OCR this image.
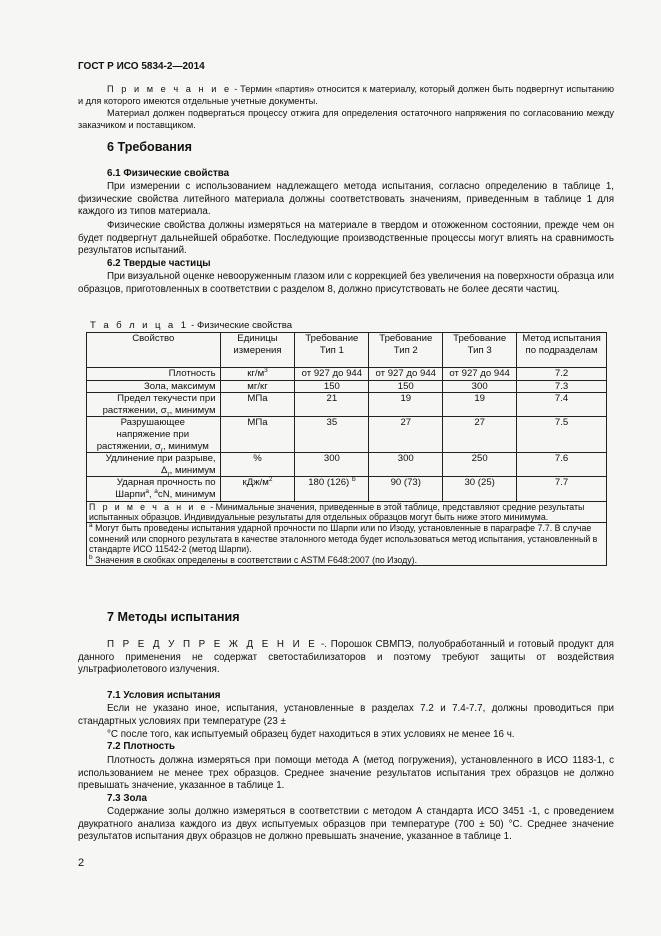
ГОСТ Р ИСО 5834-2—2014
П р и м е ч а н и е - Термин «партия» относится к материалу, который должен быть подвергнут испытанию и для которого имеются отдельные учетные документы.
Материал должен подвергаться процессу отжига для определения остаточного напряжения по согласованию между заказчиком и поставщиком.
6 Требования
6.1 Физические свойства
При измерении с использованием надлежащего метода испытания, согласно определению в таблице 1, физические свойства литейного материала должны соответствовать значениям, приведенным в таблице 1 для каждого из типов материала.
Физические свойства должны измеряться на материале в твердом и отожженном состоянии, прежде чем он будет подвергнут дальнейшей обработке. Последующие производственные процессы могут влиять на сравнимость результатов испытаний.
6.2 Твердые частицы
При визуальной оценке невооруженным глазом или с коррекцией без увеличения на поверхности образца или образцов, приготовленных в соответствии с разделом 8, должно присутствовать не более десяти частиц.
Т а б л и ц а 1 - Физические свойства
Свойство	Единицы измерения	Требование Тип 1	Требование Тип 2	Требование Тип 3	Метод испытания по подразделам
Плотность	$кг/м^3$	от 927 до 944	от 927 до 944	от 927 до 944	7.2
Зола, максимум	мг/кг	150	150	300	7.3
Предел текучести при
растяжении, $\sigma_т$, минимум	МПа	21	19	19	7.4
Разрушающее
напряжение при
растяжении, $\sigma_r$, минимум	МПа	35	27	27	7.5
Удлинение при разрыве,
$\Delta_r$, минимум	%	300	300	250	7.6
Ударная прочность по
Шарпи$^a$, $^a$cN, минимум	кДж/$м^2$	180 (126) $^b$	90 (73)	30 (25)	7.7
П р и м е ч а н и е - Минимальные значения, приведенные в этой таблице, представляют средние результаты испытанных образцов. Индивидуальные результаты для отдельных образцов могут быть ниже этого минимума.					
$^a$ Могут быть проведены испытания ударной прочности по Шарпи или по Изоду, установленные в параграфе 7.7. В случае сомнений или спорного результата в качестве эталонного метода будет использоваться метод испытания, установленный в стандарте ИСО 11542-2 (метод Шарпи).
$^b$ Значения в скобках определены в соответствии с ASTM F648:2007 (по Изоду).					
7 Методы испытания
П Р Е Д У П Р Е Ж Д Е Н И Е -. Порошок СВМПЭ, полуобработанный и готовый продукт для данного применения не содержат светостабилизаторов и поэтому требуют защиты от воздействия ультрафиолетового излучения.
7.1 Условия испытания
Если не указано иное, испытания, установленные в разделах 7.2 и 7.4-7.7, должны проводиться при стандартных условиях при температуре (23 ±
°C после того, как испытуемый образец будет находиться в этих условиях не менее 16 ч.
7.2 Плотность
Плотность должна измеряться при помощи метода А (метод погружения), установленного в ИСО 1183-1, с использованием не менее трех образцов. Среднее значение результатов испытания трех образцов не должно превышать значение, указанное в таблице 1.
7.3 Зола
Содержание золы должно измеряться в соответствии с методом А стандарта ИСО 3451 -1, с проведением двукратного анализа каждого из двух испытуемых образцов при температуре (700 ± 50) °С. Среднее значение результатов испытания двух образцов не должно превышать значение, указанное в таблице 1.
2
